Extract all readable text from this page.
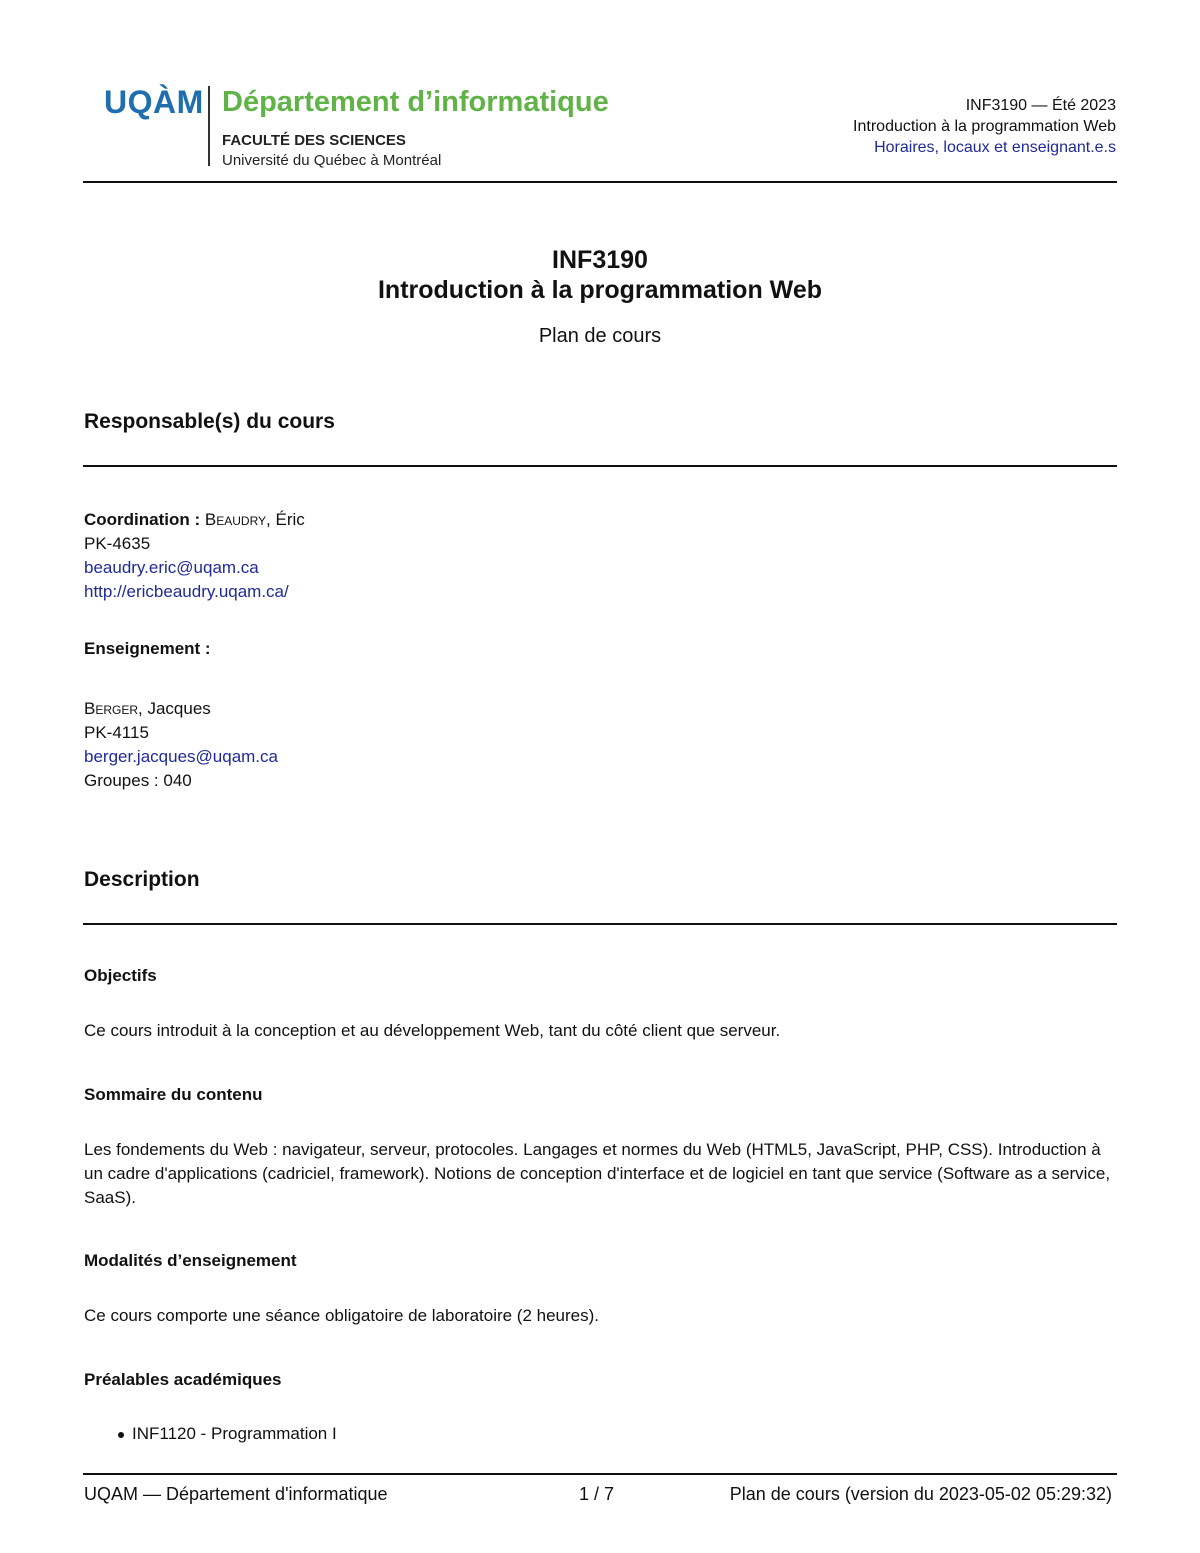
UQÀM Département d’informatique
FACULTÉ DES SCIENCES
Université du Québec à Montréal
INF3190 — Été 2023
Introduction à la programmation Web
Horaires, locaux et enseignant.e.s
INF3190
Introduction à la programmation Web
Plan de cours
Responsable(s) du cours
Coordination : Beaudry, Éric
PK-4635
beaudry.eric@uqam.ca
http://ericbeaudry.uqam.ca/
Enseignement :
Berger, Jacques
PK-4115
berger.jacques@uqam.ca
Groupes : 040
Description
Objectifs
Ce cours introduit à la conception et au développement Web, tant du côté client que serveur.
Sommaire du contenu
Les fondements du Web : navigateur, serveur, protocoles. Langages et normes du Web (HTML5, JavaScript, PHP, CSS). Introduction à un cadre d'applications (cadriciel, framework). Notions de conception d'interface et de logiciel en tant que service (Software as a service, SaaS).
Modalités d’enseignement
Ce cours comporte une séance obligatoire de laboratoire (2 heures).
Préalables académiques
INF1120 - Programmation I
UQAM — Département d'informatique	1 / 7	Plan de cours (version du 2023-05-02 05:29:32)
